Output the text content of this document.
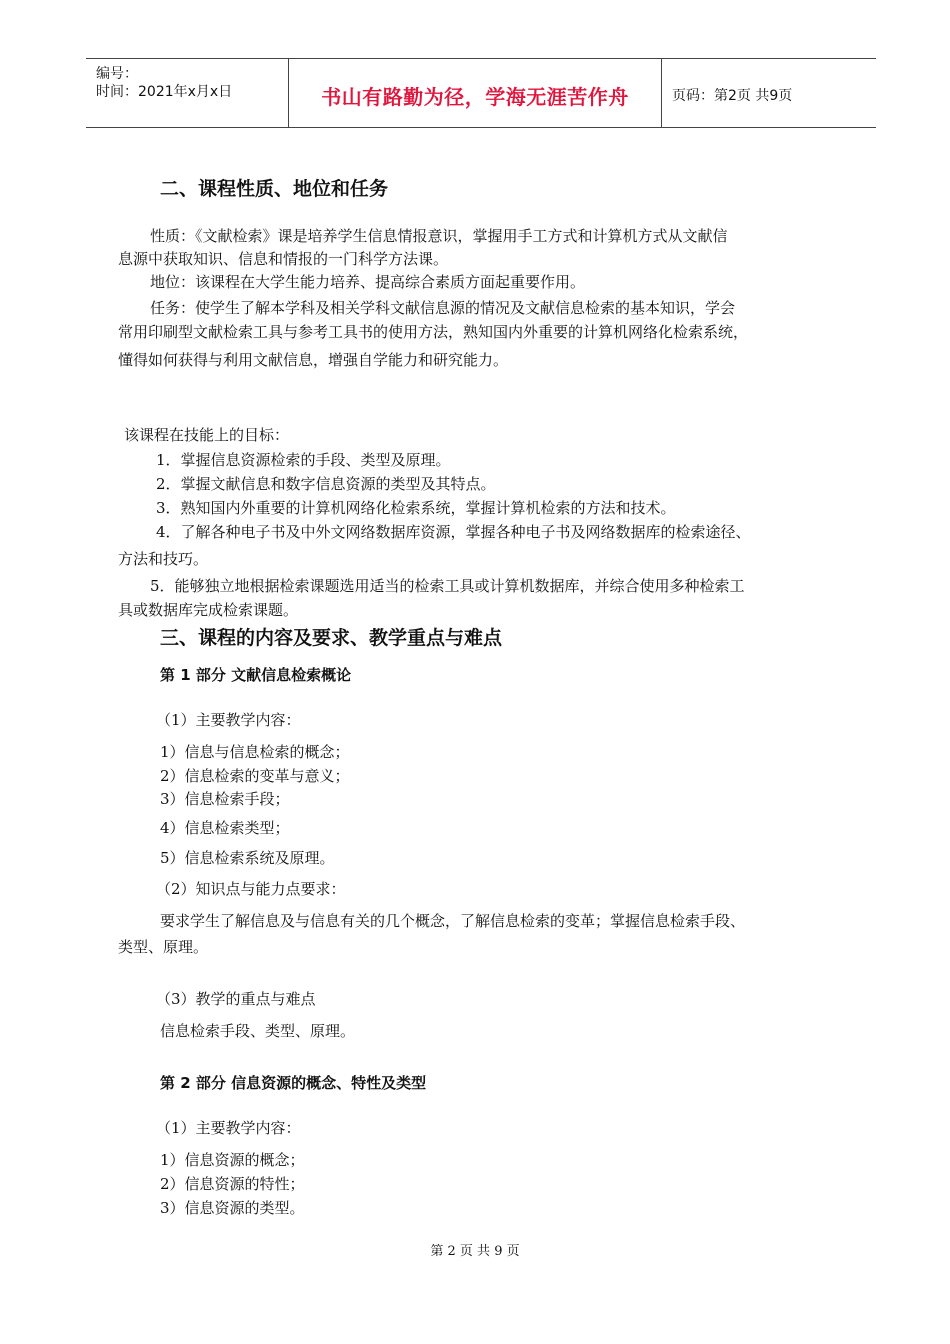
编号：
时间：2021年x月x日	书山有路勤为径，学海无涯苦作舟	页码：第2页 共9页
二、课程性质、地位和任务
性质：《文献检索》课是培养学生信息情报意识，掌握用手工方式和计算机方式从文献信
息源中获取知识、信息和情报的一门科学方法课。
地位：该课程在大学生能力培养、提高综合素质方面起重要作用。
任务：使学生了解本学科及相关学科文献信息源的情况及文献信息检索的基本知识，学会
常用印刷型文献检索工具与参考工具书的使用方法，熟知国内外重要的计算机网络化检索系统，
懂得如何获得与利用文献信息，增强自学能力和研究能力。
该课程在技能上的目标：
1．掌握信息资源检索的手段、类型及原理。
2．掌握文献信息和数字信息资源的类型及其特点。
3．熟知国内外重要的计算机网络化检索系统，掌握计算机检索的方法和技术。
4．了解各种电子书及中外文网络数据库资源，掌握各种电子书及网络数据库的检索途径、
方法和技巧。
5．能够独立地根据检索课题选用适当的检索工具或计算机数据库，并综合使用多种检索工
具或数据库完成检索课题。
三、课程的内容及要求、教学重点与难点
第 1 部分 文献信息检索概论
（1）主要教学内容：
1）信息与信息检索的概念；
2）信息检索的变革与意义；
3）信息检索手段；
4）信息检索类型；
5）信息检索系统及原理。
（2）知识点与能力点要求：
要求学生了解信息及与信息有关的几个概念，了解信息检索的变革；掌握信息检索手段、
类型、原理。
（3）教学的重点与难点
信息检索手段、类型、原理。
第 2 部分 信息资源的概念、特性及类型
（1）主要教学内容：
1）信息资源的概念；
2）信息资源的特性；
3）信息资源的类型。
第 2 页 共 9 页
